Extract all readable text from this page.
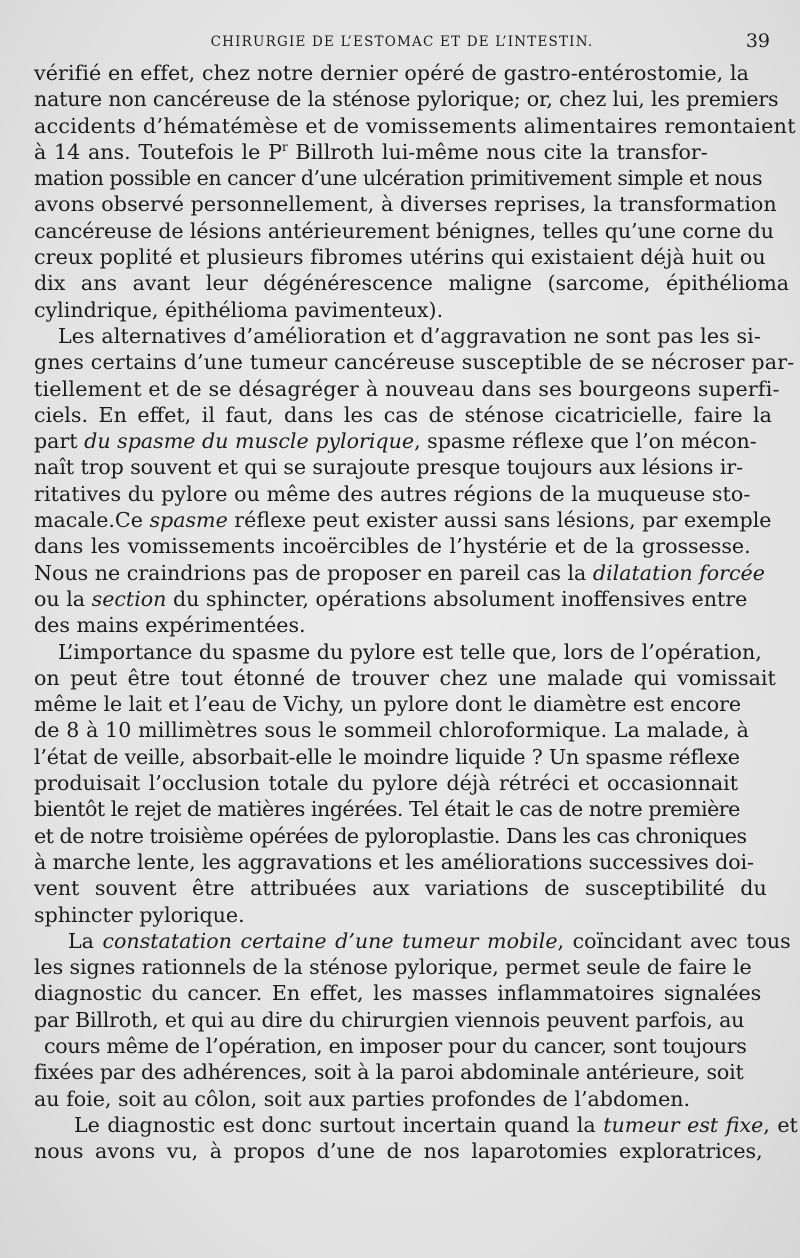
CHIRURGIE DE L’ESTOMAC ET DE L’INTESTIN.	39
vérifié en effet, chez notre dernier opéré de gastro-entérostomie, la
nature non cancéreuse de la sténose pylorique; or, chez lui, les premiers
accidents d’hématémèse et de vomissements alimentaires remontaient
à 14 ans. Toutefois le $P^r$ Billroth lui-même nous cite la transfor-
mation possible en cancer d’une ulcération primitivement simple et nous
avons observé personnellement, à diverses reprises, la transformation
cancéreuse de lésions antérieurement bénignes, telles qu’une corne du
creux poplité et plusieurs fibromes utérins qui existaient déjà huit ou
dix ans avant leur dégénérescence maligne (sarcome, épithélioma
cylindrique, épithélioma pavimenteux).
Les alternatives d’amélioration et d’aggravation ne sont pas les si-
gnes certains d’une tumeur cancéreuse susceptible de se nécroser par-
tiellement et de se désagréger à nouveau dans ses bourgeons superfi-
ciels. En effet, il faut, dans les cas de sténose cicatricielle, faire la
part du spasme du muscle pylorique, spasme réflexe que l’on mécon-
naît trop souvent et qui se surajoute presque toujours aux lésions ir-
ritatives du pylore ou même des autres régions de la muqueuse sto-
macale.Ce spasme réflexe peut exister aussi sans lésions, par exemple
dans les vomissements incoërcibles de l’hystérie et de la grossesse.
Nous ne craindrions pas de proposer en pareil cas la dilatation forcée
ou la section du sphincter, opérations absolument inoffensives entre
des mains expérimentées.
L’importance du spasme du pylore est telle que, lors de l’opération,
on peut être tout étonné de trouver chez une malade qui vomissait
même le lait et l’eau de Vichy, un pylore dont le diamètre est encore
de 8 à 10 millimètres sous le sommeil chloroformique. La malade, à
l’état de veille, absorbait-elle le moindre liquide ? Un spasme réflexe
produisait l’occlusion totale du pylore déjà rétréci et occasionnait
bientôt le rejet de matières ingérées. Tel était le cas de notre première
et de notre troisième opérées de pyloroplastie. Dans les cas chroniques
à marche lente, les aggravations et les améliorations successives doi-
vent souvent être attribuées aux variations de susceptibilité du
sphincter pylorique.
La constatation certaine d’une tumeur mobile, coïncidant avec tous
les signes rationnels de la sténose pylorique, permet seule de faire le
diagnostic du cancer. En effet, les masses inflammatoires signalées
par Billroth, et qui au dire du chirurgien viennois peuvent parfois, au
cours même de l’opération, en imposer pour du cancer, sont toujours
fixées par des adhérences, soit à la paroi abdominale antérieure, soit
au foie, soit au côlon, soit aux parties profondes de l’abdomen.
Le diagnostic est donc surtout incertain quand la tumeur est fixe, et
nous avons vu, à propos d’une de nos laparotomies exploratrices,
